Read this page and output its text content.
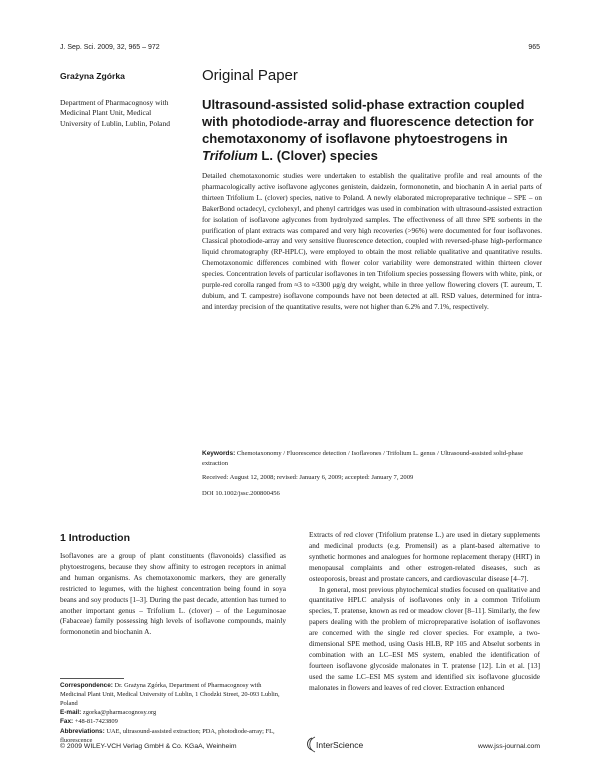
J. Sep. Sci. 2009, 32, 965 – 972	965
Grażyna Zgórka
Department of Pharmacognosy with Medicinal Plant Unit, Medical University of Lublin, Lublin, Poland
Original Paper
Ultrasound-assisted solid-phase extraction coupled with photodiode-array and fluorescence detection for chemotaxonomy of isoflavone phytoestrogens in Trifolium L. (Clover) species
Detailed chemotaxonomic studies were undertaken to establish the qualitative profile and real amounts of the pharmacologically active isoflavone aglycones genistein, daidzein, formononetin, and biochanin A in aerial parts of thirteen Trifolium L. (clover) species, native to Poland. A newly elaborated micropreparative technique – SPE – on BakerBond octadecyl, cyclohexyl, and phenyl cartridges was used in combination with ultrasound-assisted extraction for isolation of isoflavone aglycones from hydrolyzed samples. The effectiveness of all three SPE sorbents in the purification of plant extracts was compared and very high recoveries (>96%) were documented for four isoflavones. Classical photodiode-array and very sensitive fluorescence detection, coupled with reversed-phase high-performance liquid chromatography (RP-HPLC), were employed to obtain the most reliable qualitative and quantitative results. Chemotaxonomic differences combined with flower color variability were demonstrated within thirteen clover species. Concentration levels of particular isoflavones in ten Trifolium species possessing flowers with white, pink, or purple-red corolla ranged from ≈3 to ≈3300 μg/g dry weight, while in three yellow flowering clovers (T. aureum, T. dubium, and T. campestre) isoflavone compounds have not been detected at all. RSD values, determined for intra- and interday precision of the quantitative results, were not higher than 6.2% and 7.1%, respectively.
Keywords: Chemotaxonomy / Fluorescence detection / Isoflavones / Trifolium L. genus / Ultrasound-assisted solid-phase extraction
Received: August 12, 2008; revised: January 6, 2009; accepted: January 7, 2009
DOI 10.1002/jssc.200800456
1 Introduction
Isoflavones are a group of plant constituents (flavonoids) classified as phytoestrogens, because they show affinity to estrogen receptors in animal and human organisms. As chemotaxonomic markers, they are generally restricted to legumes, with the highest concentration being found in soya beans and soy products [1–3]. During the past decade, attention has turned to another important genus – Trifolium L. (clover) – of the Leguminosae (Fabaceae) family possessing high levels of isoflavone compounds, mainly formononetin and biochanin A.
Extracts of red clover (Trifolium pratense L.) are used in dietary supplements and medicinal products (e.g. Promensil) as a plant-based alternative to synthetic hormones and analogues for hormone replacement therapy (HRT) in menopausal complaints and other estrogen-related diseases, such as osteoporosis, breast and prostate cancers, and cardiovascular disease [4–7].
In general, most previous phytochemical studies focused on qualitative and quantitative HPLC analysis of isoflavones only in a common Trifolium species, T. pratense, known as red or meadow clover [8–11]. Similarly, the few papers dealing with the problem of micropreparative isolation of isoflavones are concerned with the single red clover species. For example, a two-dimensional SPE method, using Oasis HLB, RP 105 and Abselut sorbents in combination with an LC–ESI MS system, enabled the identification of fourteen isoflavone glycoside malonates in T. pratense [12]. Lin et al. [13] used the same LC–ESI MS system and identified six isoflavone glucoside malonates in flowers and leaves of red clover. Extraction enhanced
Correspondence: Dr. Grażyna Zgórka, Department of Pharmacognosy with Medicinal Plant Unit, Medical University of Lublin, 1 Chodzki Street, 20-093 Lublin, Poland
E-mail: zgorka@pharmacognosy.org
Fax: +48-81-7423809
Abbreviations: UAE, ultrasound-assisted extraction; PDA, photodiode-array; FL, fluorescence
© 2009 WILEY-VCH Verlag GmbH & Co. KGaA, Weinheim	InterScience	www.jss-journal.com
